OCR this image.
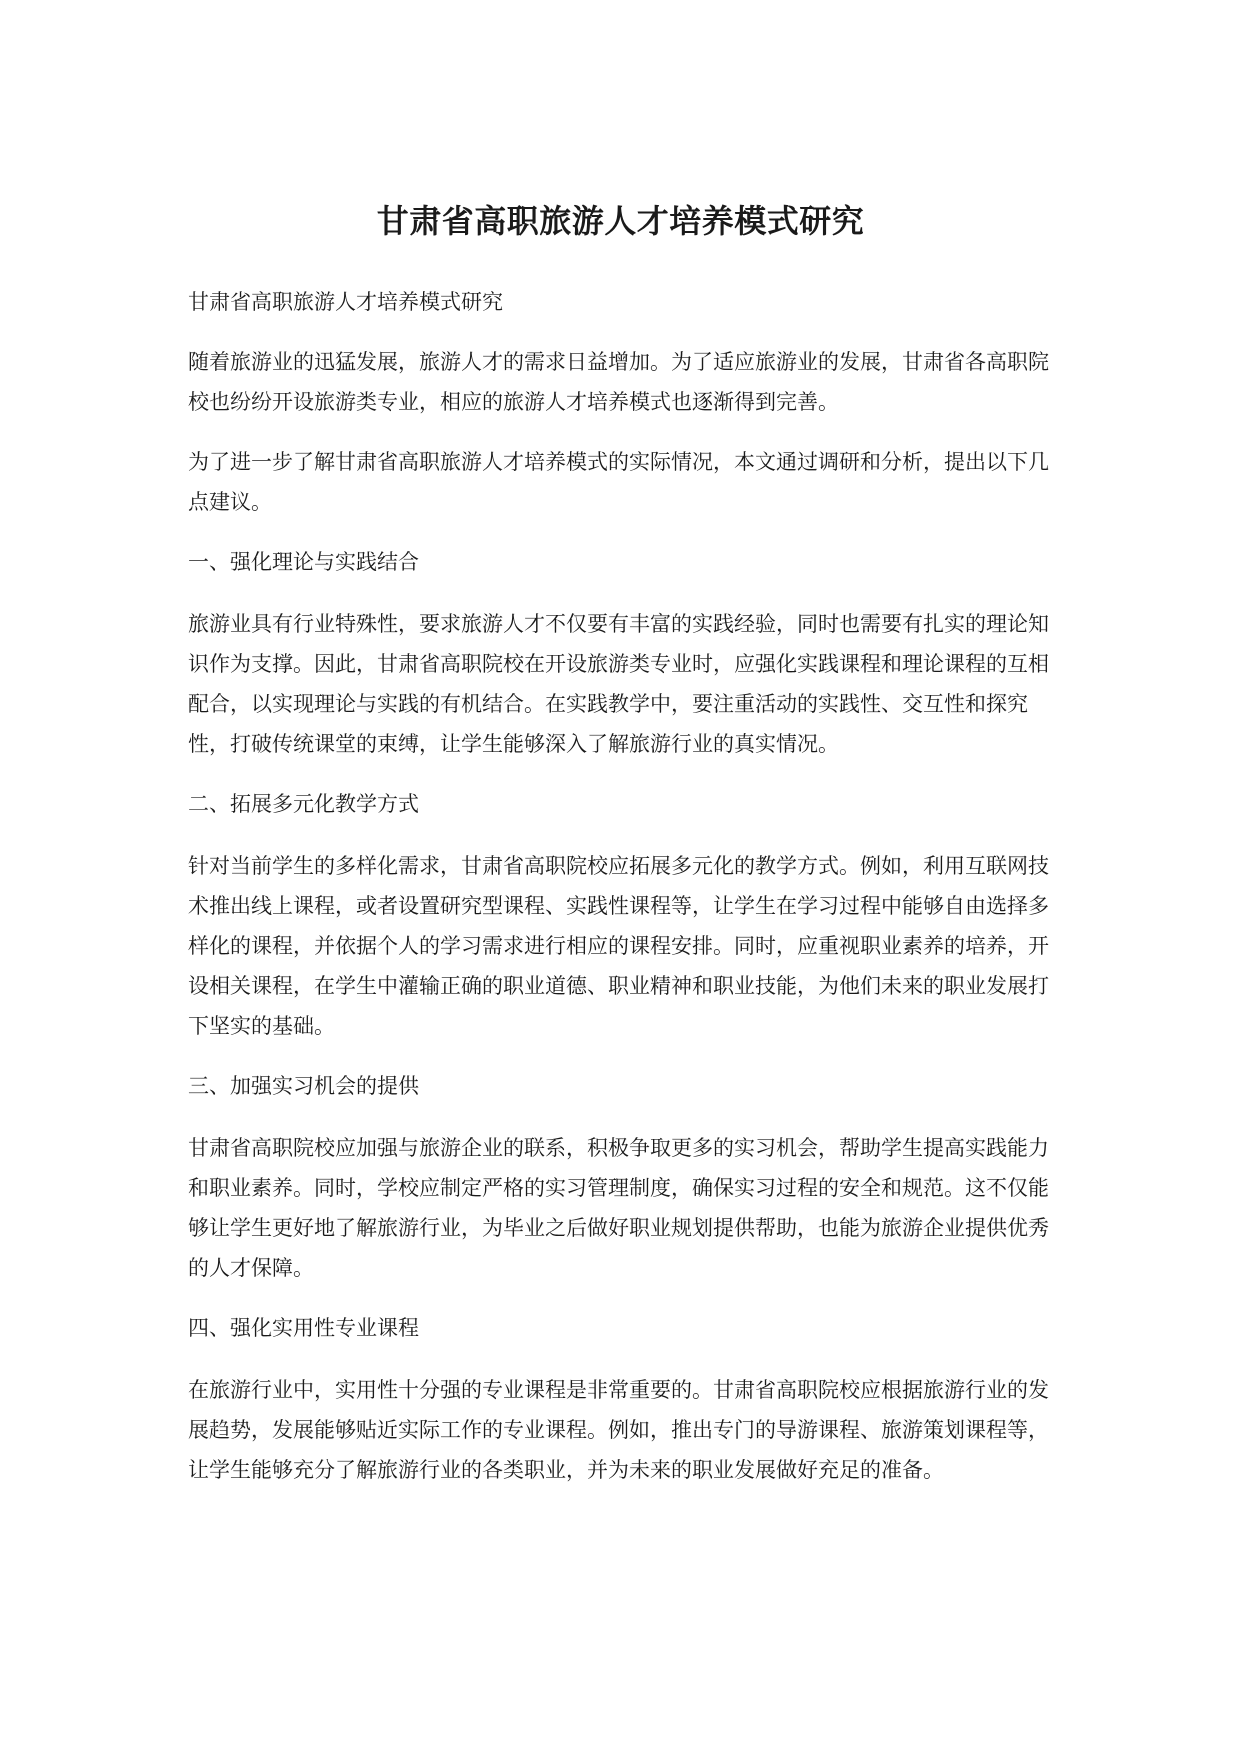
甘肃省高职旅游人才培养模式研究

甘肃省高职旅游人才培养模式研究

随着旅游业的迅猛发展，旅游人才的需求日益增加。为了适应旅游业的发展，甘肃省各高职院校也纷纷开设旅游类专业，相应的旅游人才培养模式也逐渐得到完善。

为了进一步了解甘肃省高职旅游人才培养模式的实际情况，本文通过调研和分析，提出以下几点建议。

一、强化理论与实践结合

旅游业具有行业特殊性，要求旅游人才不仅要有丰富的实践经验，同时也需要有扎实的理论知识作为支撑。因此，甘肃省高职院校在开设旅游类专业时，应强化实践课程和理论课程的互相配合，以实现理论与实践的有机结合。在实践教学中，要注重活动的实践性、交互性和探究性，打破传统课堂的束缚，让学生能够深入了解旅游行业的真实情况。

二、拓展多元化教学方式

针对当前学生的多样化需求，甘肃省高职院校应拓展多元化的教学方式。例如，利用互联网技术推出线上课程，或者设置研究型课程、实践性课程等，让学生在学习过程中能够自由选择多样化的课程，并依据个人的学习需求进行相应的课程安排。同时，应重视职业素养的培养，开设相关课程，在学生中灌输正确的职业道德、职业精神和职业技能，为他们未来的职业发展打下坚实的基础。

三、加强实习机会的提供

甘肃省高职院校应加强与旅游企业的联系，积极争取更多的实习机会，帮助学生提高实践能力和职业素养。同时，学校应制定严格的实习管理制度，确保实习过程的安全和规范。这不仅能够让学生更好地了解旅游行业，为毕业之后做好职业规划提供帮助，也能为旅游企业提供优秀的人才保障。

四、强化实用性专业课程

在旅游行业中，实用性十分强的专业课程是非常重要的。甘肃省高职院校应根据旅游行业的发展趋势，发展能够贴近实际工作的专业课程。例如，推出专门的导游课程、旅游策划课程等，让学生能够充分了解旅游行业的各类职业，并为未来的职业发展做好充足的准备。
